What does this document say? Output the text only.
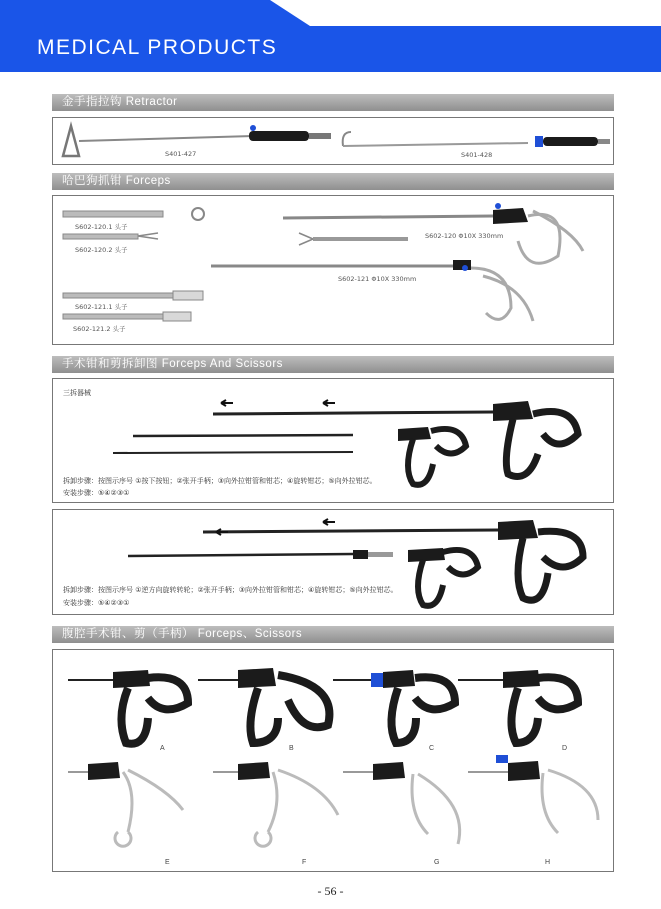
MEDICAL PRODUCTS
金手指拉钩 Retractor
S401-427	S401-428
哈巴狗抓钳 Forceps
S602-120.1 头子
S602-120.2 头子
S602-120 Φ10X 330mm
S602-121 Φ10X 330mm
S602-121.1 头子
S602-121.2 头子
手术钳和剪拆卸图 Forceps And Scissors
三拆器械
拆卸步骤：按图示序号 ①按下按钮；②张开手柄；③向外拉钳管和钳芯；④旋转钳芯；⑤向外拉钳芯。
安装步骤：⑤④②③①
拆卸步骤：按图示序号 ①逆方向旋转转轮；②张开手柄；③向外拉钳管和钳芯；④旋转钳芯；⑤向外拉钳芯。
安装步骤：⑤④②③①
腹腔手术钳、剪（手柄） Forceps、Scissors
A	B	C	D
E	F	G	H
- 56 -
